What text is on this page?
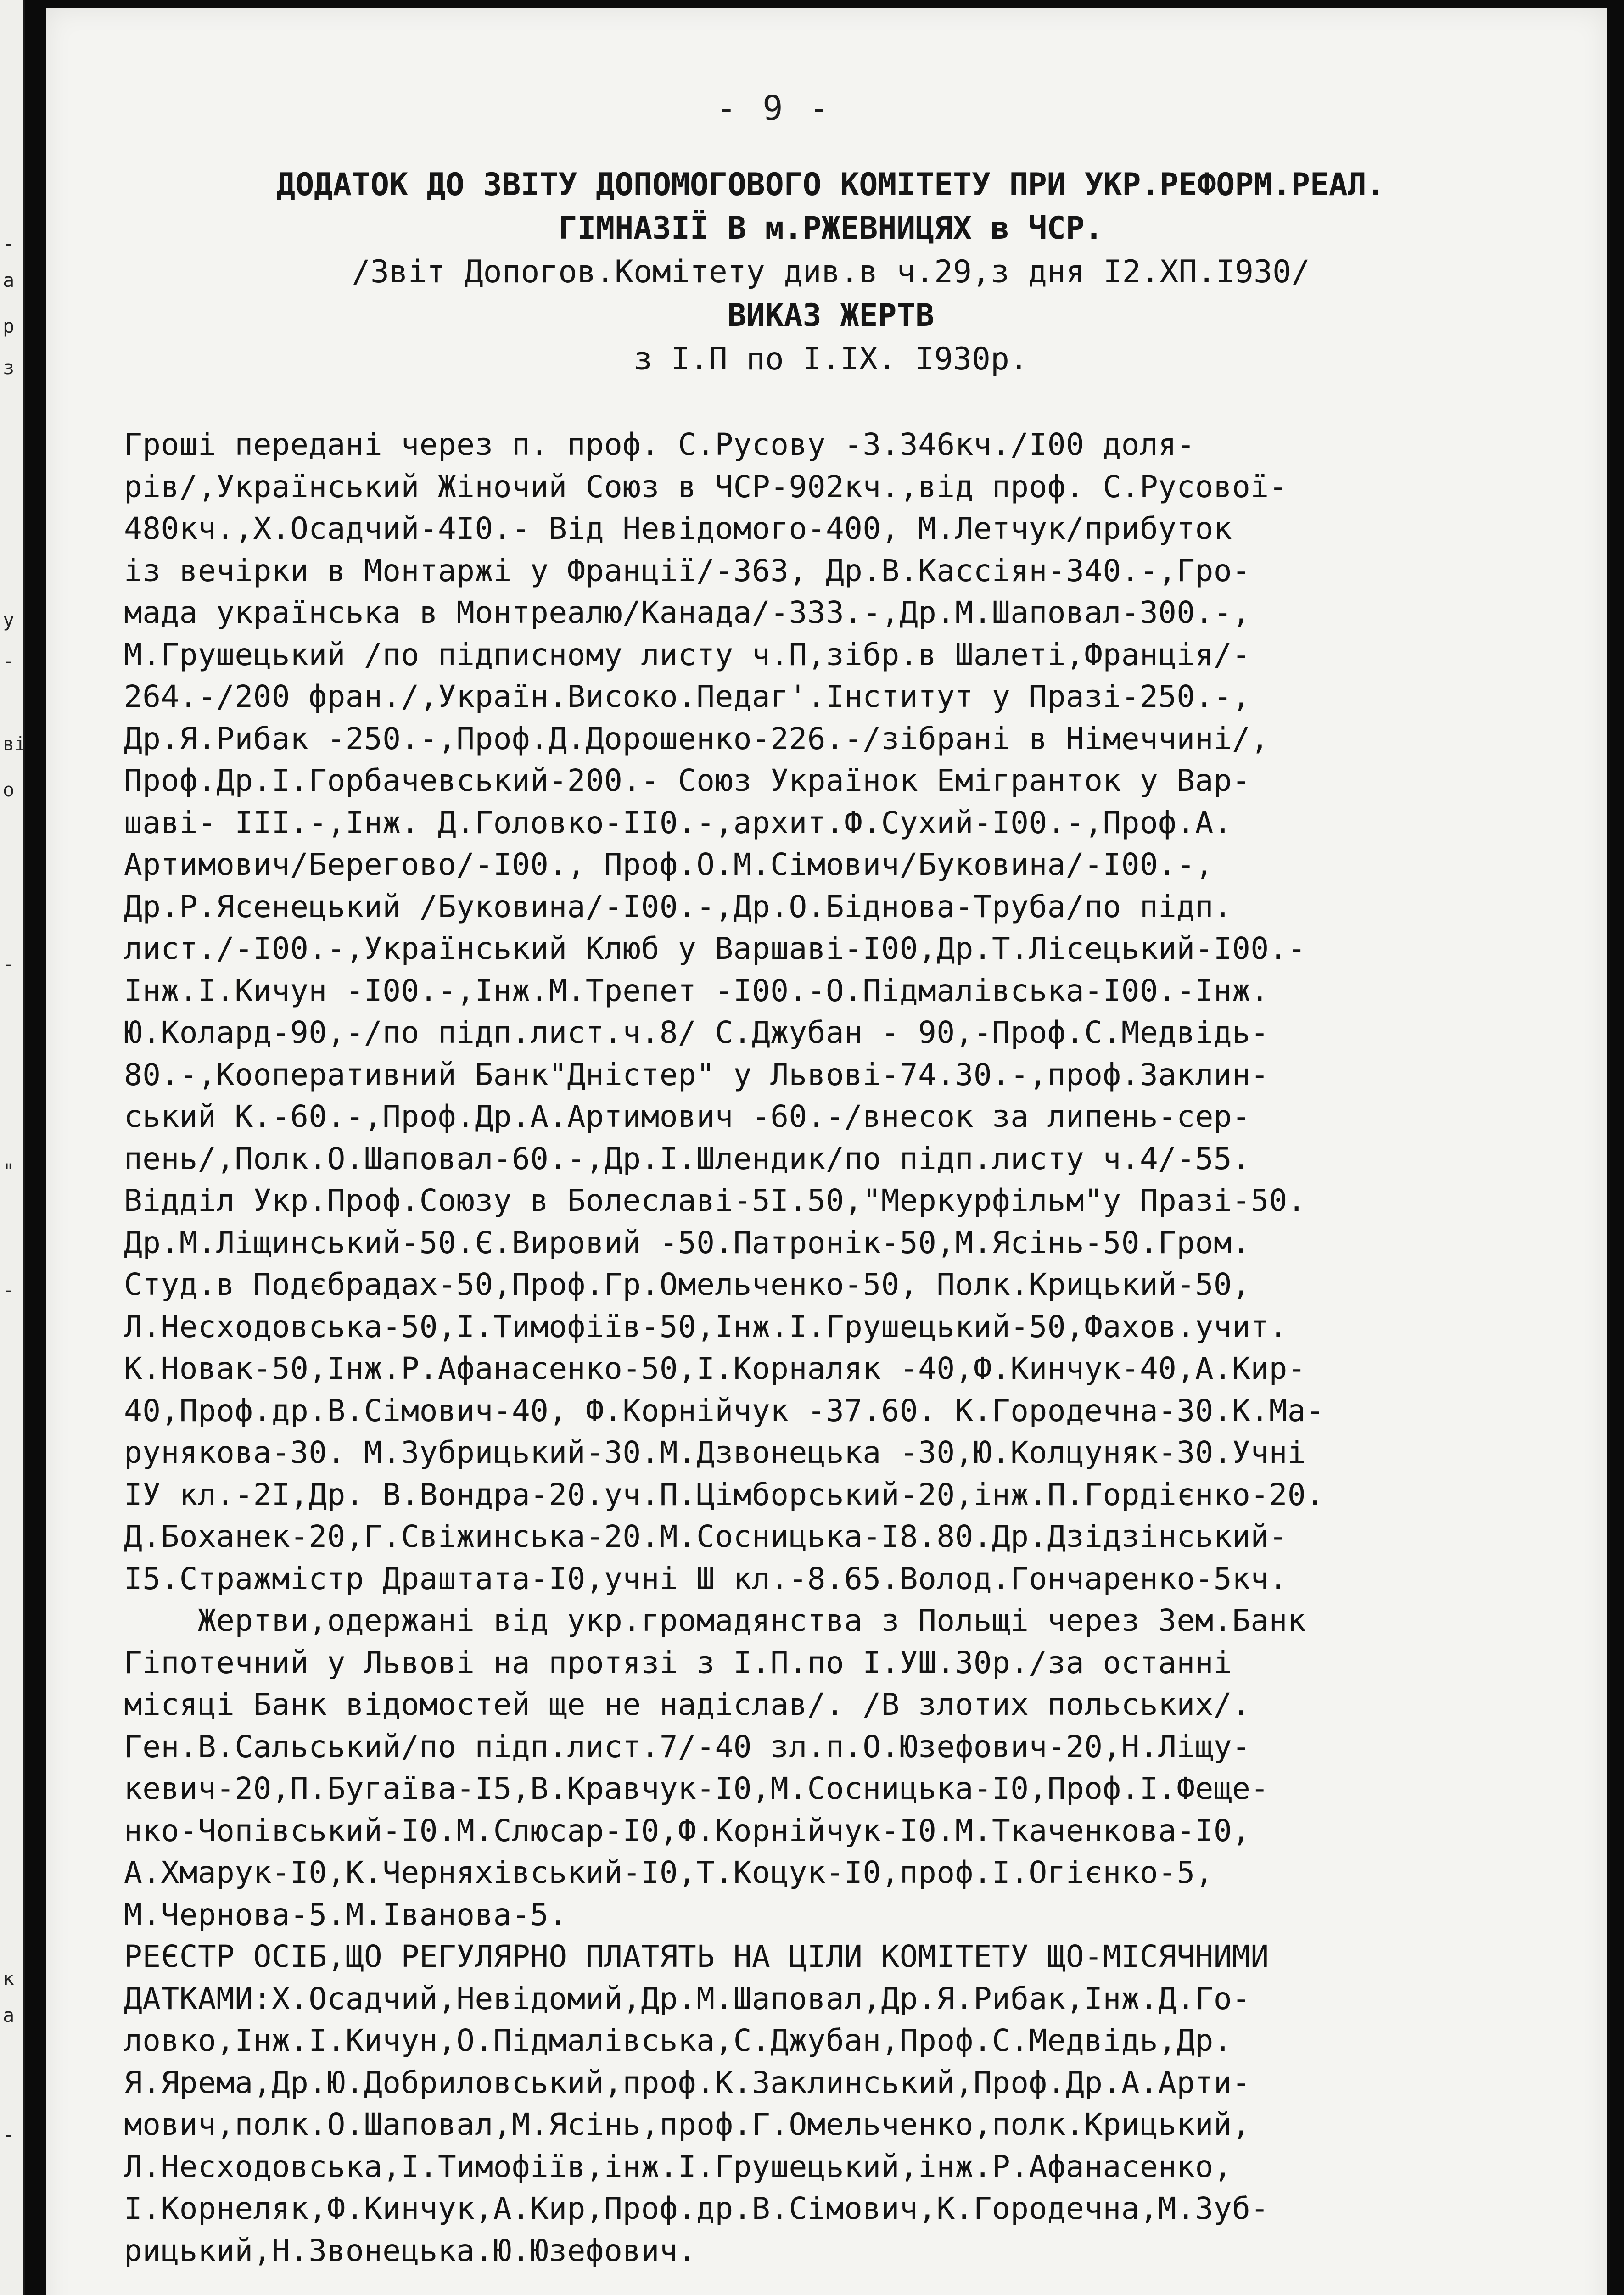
-
а
р
з
у
-
ві
о
-
"
-
к
а
-
- 9 -
ДОДАТОК ДО ЗВІТУ ДОПОМОГОВОГО КОМІТЕТУ ПРИ УКР.РЕФОРМ.РЕАЛ.
ГІМНАЗІЇ В м.РЖЕВНИЦЯХ в ЧСР.
/Звіт Допогов.Комітету див.в ч.29,з дня I2.ХП.I930/
ВИКАЗ ЖЕРТВ
з I.П по I.IX. I930р.
Гроші передані через п. проф. С.Русову -3.346кч./I00 доля-
рів/,Український Жіночий Союз в ЧСР-902кч.,від проф. С.Русової-
480кч.,Х.Осадчий-4I0.- Від Невідомого-400, М.Летчук/прибуток
із вечірки в Монтаржі у Франції/-363, Др.В.Кассіян-340.-,Гро-
мада українська в Монтреалю/Канада/-333.-,Др.М.Шаповал-300.-,
М.Грушецький /по підписному листу ч.П,зібр.в Шалеті,Франція/-
264.-/200 фран./,Україн.Високо.Педаг'.Інститут у Празі-250.-,
Др.Я.Рибак -250.-,Проф.Д.Дорошенко-226.-/зібрані в Німеччині/,
Проф.Др.І.Горбачевський-200.- Союз Українок Емігранток у Вар-
шаві- III.-,Інж. Д.Головко-II0.-,архит.Ф.Сухий-I00.-,Проф.А.
Артимович/Берегово/-I00., Проф.О.М.Сімович/Буковина/-I00.-,
Др.Р.Ясенецький /Буковина/-I00.-,Др.О.Біднова-Труба/по підп.
лист./-I00.-,Український Клюб у Варшаві-I00,Др.Т.Лісецький-I00.-
Інж.І.Кичун -I00.-,Інж.М.Трепет -I00.-О.Підмалівська-I00.-Інж.
Ю.Колард-90,-/по підп.лист.ч.8/ С.Джубан - 90,-Проф.С.Медвідь-
80.-,Кооперативний Банк"Дністер" у Львові-74.30.-,проф.Заклин-
ський К.-60.-,Проф.Др.А.Артимович -60.-/внесок за липень-сер-
пень/,Полк.О.Шаповал-60.-,Др.І.Шлендик/по підп.листу ч.4/-55.
Відділ Укр.Проф.Союзу в Болеславі-5I.50,"Меркурфільм"у Празі-50.
Др.М.Ліщинський-50.Є.Вировий -50.Патронік-50,М.Ясінь-50.Гром.
Студ.в Подєбрадах-50,Проф.Гр.Омельченко-50, Полк.Крицький-50,
Л.Несходовська-50,І.Тимофіїв-50,Інж.І.Грушецький-50,Фахов.учит.
К.Новак-50,Інж.Р.Афанасенко-50,І.Корналяк -40,Ф.Кинчук-40,А.Кир-
40,Проф.др.В.Сімович-40, Ф.Корнійчук -37.60. К.Городечна-30.К.Ма-
рунякова-30. М.Зубрицький-30.М.Дзвонецька -30,Ю.Колцуняк-30.Учні
IУ кл.-2I,Др. В.Вондра-20.уч.П.Цімборський-20,інж.П.Гордієнко-20.
Д.Боханек-20,Г.Свіжинська-20.М.Сосницька-I8.80.Др.Дзідзінський-
I5.Стражмістр Драштата-I0,учні Ш кл.-8.65.Волод.Гончаренко-5кч.
Жертви,одержані від укр.громадянства з Польщі через Зем.Банк
Гіпотечний у Львові на протязі з I.П.по I.УШ.30р./за останні
місяці Банк відомостей ще не надіслав/. /В злотих польських/.
Ген.В.Сальський/по підп.лист.7/-40 зл.п.О.Юзефович-20,Н.Ліщу-
кевич-20,П.Бугаїва-I5,В.Кравчук-I0,М.Сосницька-I0,Проф.І.Феще-
нко-Чопівський-I0.М.Слюсар-I0,Ф.Корнійчук-I0.М.Ткаченкова-I0,
А.Хмарук-I0,К.Черняхівський-I0,Т.Коцук-I0,проф.І.Огієнко-5,
М.Чернова-5.М.Іванова-5.
РЕЄСТР ОСІБ,ЩО РЕГУЛЯРНО ПЛАТЯТЬ НА ЦІЛИ КОМІТЕТУ ЩО-МІСЯЧНИМИ
ДАТКАМИ:Х.Осадчий,Невідомий,Др.М.Шаповал,Др.Я.Рибак,Інж.Д.Го-
ловко,Інж.І.Кичун,О.Підмалівська,С.Джубан,Проф.С.Медвідь,Др.
Я.Ярема,Др.Ю.Добриловський,проф.К.Заклинський,Проф.Др.А.Арти-
мович,полк.О.Шаповал,М.Ясінь,проф.Г.Омельченко,полк.Крицький,
Л.Несходовська,І.Тимофіїв,інж.І.Грушецький,інж.Р.Афанасенко,
І.Корнеляк,Ф.Кинчук,А.Кир,Проф.др.В.Сімович,К.Городечна,М.Зуб-
рицький,Н.Звонецька.Ю.Юзефович.
